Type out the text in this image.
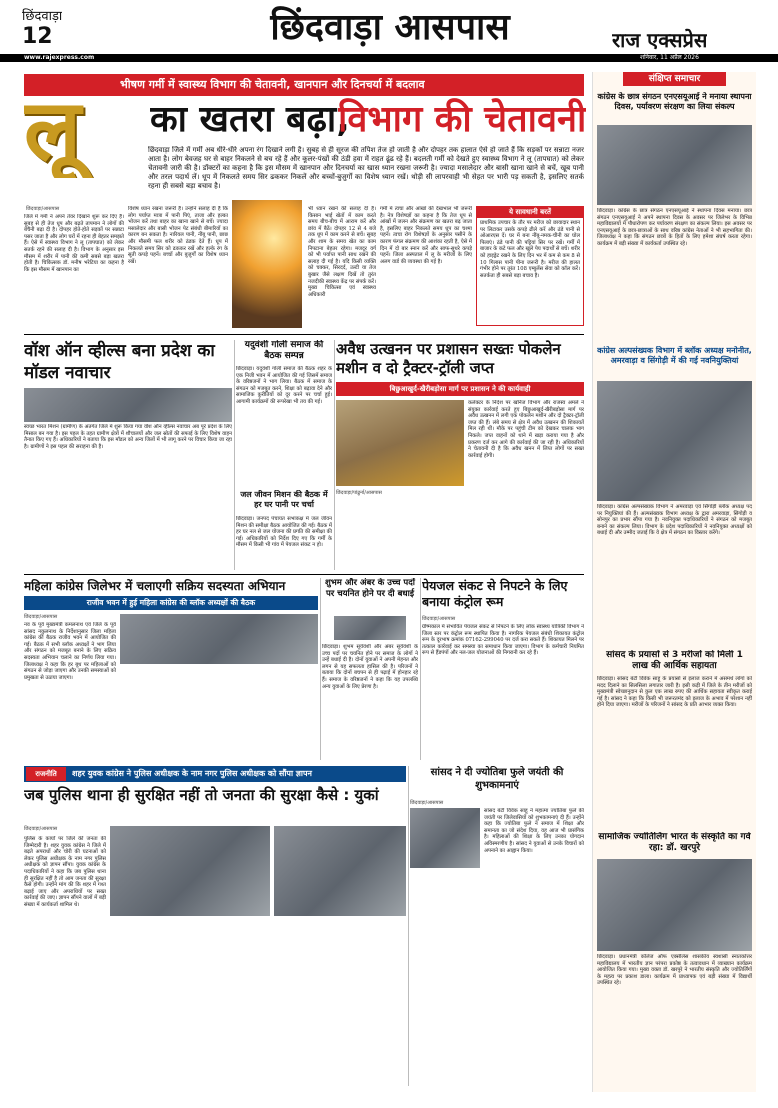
छिंदवाड़ा
12	छिंदवाड़ा आसपास	राज एक्सप्रेस
www.rajexpress.com	शनिवार, 11 अप्रैल 2026
भीषण गर्मी में स्वास्थ्य विभाग की चेतावनी, खानपान और दिनचर्या में बदलाव
लू	का खतरा बढ़ा,
विभाग की चेतावनी
छिंदवाड़ा जिले में गर्मी अब धीरे-धीरे अपना रंग दिखाने लगी है। सुबह से ही सूरज की तपिश तेज हो जाती है और दोपहर तक हालात ऐसे हो जाते हैं कि सड़कों पर सन्नाटा नजर आता है। लोग बेवजह घर से बाहर निकलने से बच रहे हैं और कूलर-पंखों की ठंडी हवा में राहत ढूंढ रहे हैं। बदलती गर्मी को देखते हुए स्वास्थ्य विभाग ने लू (तापघात) को लेकर चेतावनी जारी की है। डॉक्टरों का कहना है कि इस मौसम में खानपान और दिनचर्या का खास ध्यान रखना जरूरी है। ज्यादा मसालेदार और बासी खाना खाने से बचें, खूब पानी और तरल पदार्थ लें। धूप में निकलते समय सिर ढककर निकलें और बच्चों-बुजुर्गों का विशेष ध्यान रखें। थोड़ी सी लापरवाही भी सेहत पर भारी पड़ सकती है, इसलिए सतर्क रहना ही सबसे बड़ा बचाव है।
छिंदवाड़ा/आसपास
जिले में गर्मी ने अपने तेवर दिखाने शुरू कर दिए हैं। सुबह से ही तेज धूप और बढ़ते तापमान ने लोगों की बेचैनी बढ़ा दी है। दोपहर होते-होते सड़कों पर सन्नाटा पसर जाता है और लोग घरों में रहना ही बेहतर समझते हैं। ऐसे में स्वास्थ्य विभाग ने लू (तापघात) को लेकर सतर्क रहने की सलाह दी है। विभाग के अनुसार इस मौसम में शरीर में पानी की कमी सबसे बड़ा खतरा होती है। चिकित्सक डॉ. मनीष भरेटिया का कहना है कि इस मौसम में खानपान का
विशेष ध्यान रखना जरूरी है। उन्होंने सलाह दी है कि लोग पर्याप्त मात्रा में पानी पिएं, ताजा और हल्का भोजन करें तथा बाहर का खाना खाने से बचें। ज्यादा मसालेदार और बासी भोजन पेट संबंधी बीमारियों का कारण बन सकता है। नारियल पानी, नींबू पानी, छाछ और मौसमी फल शरीर को ठंडक देते हैं। धूप में निकलते समय सिर को ढककर रखें और हल्के रंग के सूती कपड़े पहनें। बच्चों और बुजुर्गों का विशेष ध्यान रखें।
भी ध्यान रखने की सलाह दी है। किसान भाई खेतों में काम करते समय बीच-बीच में आराम करें और छांव में बैठें। दोपहर 12 से 4 बजे तक धूप में काम करने से बचें। सुबह और शाम के समय खेत का काम निपटाना बेहतर रहेगा। मजदूर वर्ग को भी पर्याप्त पानी साथ रखने की सलाह दी गई है। यदि किसी व्यक्ति को चक्कर, सिरदर्द, उल्टी या तेज बुखार जैसे लक्षण दिखें तो तुरंत नजदीकी स्वास्थ्य केंद्र पर संपर्क करें। मुख्य चिकित्सा एवं स्वास्थ्य अधिकारी
गर्मी में त्वचा और आंखों की देखभाल भी जरूरी है। नेत्र विशेषज्ञों का कहना है कि तेज धूप से आंखों में जलन और संक्रमण का खतरा बढ़ जाता है, इसलिए बाहर निकलते समय धूप का चश्मा पहनें। त्वचा रोग विशेषज्ञों के अनुसार पसीने के कारण फंगल संक्रमण की आशंका रहती है, ऐसे में दिन में दो बार स्नान करें और साफ-सुथरे कपड़े पहनें। जिला अस्पताल में लू के मरीजों के लिए अलग वार्ड की व्यवस्था की गई है।
ये सावधानी बरतें
प्राथमिक उपचार के तौर पर मरीज को छायादार स्थान पर लिटाकर उसके कपड़े ढीले करें और ठंडे पानी से ओआरएस दें। घर में बना नींबू-नमक-चीनी का घोल पिलाएं। ठंडे पानी की पट्टियां सिर पर रखें। गर्मी में बाजार के कटे फल और खुले पेय पदार्थों से बचें। शरीर को हाइड्रेट रखने के लिए दिन भर में कम से कम 8 से 10 गिलास पानी पीना जरूरी है। मरीज की हालत गंभीर होने पर तुरंत 108 एम्बुलेंस सेवा को कॉल करें। सतर्कता ही सबसे बड़ा बचाव है।
संक्षिप्त समाचार
कांग्रेस के छात्र संगठन एनएसयूआई ने मनाया स्थापना दिवस, पर्यावरण संरक्षण का लिया संकल्प
छिंदवाड़ा। कांग्रेस के छात्र संगठन एनएसयूआई ने स्थापना दिवस मनाया। छात्र संगठन एनएसयूआई ने अपने स्थापना दिवस के अवसर पर जिलेभर के विभिन्न महाविद्यालयों में पौधारोपण कर पर्यावरण संरक्षण का संकल्प लिया। इस अवसर पर एनएसयूआई के छात्र-छात्राओं के साथ वरिष्ठ कांग्रेस नेताओं ने भी सहभागिता की। जिलाध्यक्ष ने कहा कि संगठन छात्रों के हितों के लिए हमेशा संघर्ष करता रहेगा। कार्यक्रम में बड़ी संख्या में कार्यकर्ता उपस्थित रहे।
कांग्रेस अल्पसंख्यक विभाग में ब्लॉक अध्यक्ष मनोनीत, अमरवाड़ा व सिंगोड़ी में की गई नवनियुक्तियां
छिंदवाड़ा। कांग्रेस अल्पसंख्यक विभाग ने अमरवाड़ा एवं सिंगोड़ी ब्लॉक अध्यक्ष पद पर नियुक्तियां की हैं। अल्पसंख्यक विभाग अध्यक्ष के द्वारा अमरवाड़ा, सिंगोड़ी व सोनपुर का प्रभार सौंपा गया है। नवनियुक्त पदाधिकारियों ने संगठन को मजबूत बनाने का संकल्प लिया। विभाग के प्रदेश पदाधिकारियों ने नवनियुक्त अध्यक्षों को बधाई दी और उम्मीद जताई कि वे क्षेत्र में संगठन का विस्तार करेंगे।
सांसद के प्रयासों से 3 मरीजों को मिली 1 लाख की आर्थिक सहायता
छिंदवाड़ा। सांसद बंटी विवेक साहू के प्रयासों से इलाज कराने में असमर्थ लोगों को मदद दिलाने का सिलसिला लगातार जारी है। इसी कड़ी में जिले के तीन मरीजों को मुख्यमंत्री स्वेच्छानुदान से कुल एक लाख रुपए की आर्थिक सहायता स्वीकृत कराई गई है। सांसद ने कहा कि किसी भी जरूरतमंद को इलाज के अभाव में परेशान नहीं होने दिया जाएगा। मरीजों के परिजनों ने सांसद के प्रति आभार व्यक्त किया।
सामाजिक ज्योतिलिंग भारत के संस्कृति का गर्व रहा: डॉ. खरपुरे
छिंदवाड़ा। प्रधानमंत्री कॉलेज ऑफ एक्सीलेंस शासकीय स्वशासी स्नातकोत्तर महाविद्यालय में भारतीय ज्ञान परंपरा प्रकोष्ठ के तत्वावधान में व्याख्यान कार्यक्रम आयोजित किया गया। मुख्य वक्ता डॉ. खरपुरे ने भारतीय संस्कृति और ज्योतिर्लिंगों के महत्व पर प्रकाश डाला। कार्यक्रम में प्राध्यापक एवं बड़ी संख्या में विद्यार्थी उपस्थित रहे।
वॉश ऑन व्हील्स बना प्रदेश का मॉडल नवाचार
स्वच्छ भारत मिशन (ग्रामीण) के अंतर्गत जिले में शुरू किया गया वॉश ऑन व्हील्स नवाचार अब पूरे प्रदेश के लिए मिसाल बन गया है। इस पहल के तहत ग्रामीण क्षेत्रों में शौचालयों और जल स्रोतों की सफाई के लिए विशेष वाहन तैनात किए गए हैं। अधिकारियों ने बताया कि इस मॉडल को अन्य जिलों में भी लागू करने पर विचार किया जा रहा है। ग्रामीणों ने इस पहल की सराहना की है।
यदुवंशी गोली समाज की बैठक सम्पन्न
छिंदवाड़ा। यदुवंशी गोली समाज की बैठक शहर के एक निजी भवन में आयोजित की गई जिसमें समाज के वरिष्ठजनों ने भाग लिया। बैठक में समाज के संगठन को मजबूत करने, शिक्षा को बढ़ावा देने और सामाजिक कुरीतियों को दूर करने पर चर्चा हुई। आगामी कार्यक्रमों की रूपरेखा भी तय की गई।
जल जीवन मिशन की बैठक में हर घर पानी पर चर्चा
छिंदवाड़ा। जनपद पंचायत सभाकक्ष में जल जीवन मिशन की समीक्षा बैठक आयोजित की गई। बैठक में हर घर नल से जल योजना की प्रगति की समीक्षा की गई। अधिकारियों को निर्देश दिए गए कि गर्मी के मौसम में किसी भी गांव में पेयजल संकट न हो।
अवैध उत्खनन पर प्रशासन सख्तः पोकलेन मशीन व दो ट्रैक्टर-ट्रॉली जप्त
बिछुआखुर्द-खैरीबड़ोसा मार्ग पर प्रशासन ने की कार्यवाही
छिंदवाड़ा/पांढुर्ना/आसपास
कलेक्टर के निर्देश पर खनिज विभाग और राजस्व अमले ने संयुक्त कार्रवाई करते हुए बिछुआखुर्द-खैरीबड़ोसा मार्ग पर अवैध उत्खनन में लगी एक पोकलेन मशीन और दो ट्रैक्टर-ट्रॉली जप्त की हैं। लंबे समय से क्षेत्र में अवैध उत्खनन की शिकायतें मिल रही थीं। मौके पर पहुंची टीम को देखकर चालक भाग निकले। जप्त वाहनों को थाने में खड़ा कराया गया है और प्रकरण दर्ज कर आगे की कार्रवाई की जा रही है। अधिकारियों ने चेतावनी दी है कि अवैध खनन में लिप्त लोगों पर सख्त कार्रवाई होगी।
महिला कांग्रेस जिलेभर में चलाएगी सक्रिय सदस्यता अभियान
राजीव भवन में हुई महिला कांग्रेस की ब्लॉक अध्यक्षों की बैठक
छिंदवाड़ा/आसपास
नव के पूर्व मुख्यमंत्री कमलनाथ एवं जिले के पूर्व सांसद नकुलनाथ के निर्देशानुसार जिला महिला कांग्रेस की बैठक राजीव भवन में आयोजित की गई। बैठक में सभी ब्लॉक अध्यक्षों ने भाग लिया और संगठन को मजबूत बनाने के लिए सक्रिय सदस्यता अभियान चलाने का निर्णय लिया गया। जिलाध्यक्ष ने कहा कि हर बूथ पर महिलाओं को संगठन से जोड़ा जाएगा और उनकी समस्याओं को प्रमुखता से उठाया जाएगा।
शुभम और अंबर के उच्च पदों पर चयनित होने पर दी बधाई
छिंदवाड़ा। शुभम सूर्यवंशी और अंबर सूर्यवंशी के उच्च पदों पर चयनित होने पर समाज के लोगों ने उन्हें बधाई दी है। दोनों युवाओं ने अपनी मेहनत और लगन से यह सफलता हासिल की है। परिजनों ने बताया कि दोनों बचपन से ही पढ़ाई में होनहार रहे हैं। समाज के वरिष्ठजनों ने कहा कि यह उपलब्धि अन्य युवाओं के लिए प्रेरणा है।
पेयजल संकट से निपटने के लिए बनाया कंट्रोल रूम
छिंदवाड़ा/आसपास
ग्रीष्मकाल में संभावित पेयजल संकट से निपटने के लिए लोक स्वास्थ्य यांत्रिकी विभाग ने जिला स्तर पर कंट्रोल रूम स्थापित किया है। नागरिक पेयजल संबंधी शिकायत कंट्रोल रूम के दूरभाष क्रमांक 07162-299040 पर दर्ज करा सकते हैं। शिकायत मिलने पर तत्काल कार्रवाई कर समस्या का समाधान किया जाएगा। विभाग के कर्मचारी नियमित रूप से हैंडपंपों और नल-जल योजनाओं की निगरानी कर रहे हैं।
राजनीति	शहर युवक कांग्रेस ने पुलिस अधीक्षक के नाम नगर पुलिस अधीक्षक को सौंपा ज्ञापन
जब पुलिस थाना ही सुरक्षित नहीं तो जनता की सुरक्षा कैसे : युकां
छिंदवाड़ा/आसपास
पुलिस के कार्यों पर जिले की जनता की जिम्मेदारी है। शहर युवक कांग्रेस ने जिले में बढ़ते अपराधों और चोरी की घटनाओं को लेकर पुलिस अधीक्षक के नाम नगर पुलिस अधीक्षक को ज्ञापन सौंपा। युवक कांग्रेस के पदाधिकारियों ने कहा कि जब पुलिस थाना ही सुरक्षित नहीं है तो आम जनता की सुरक्षा कैसे होगी। उन्होंने मांग की कि शहर में गश्त बढ़ाई जाए और अपराधियों पर सख्त कार्रवाई की जाए। ज्ञापन सौंपने वालों में बड़ी संख्या में कार्यकर्ता शामिल थे।
सांसद ने दी ज्योतिबा फुले जयंती की शुभकामनाएं
छिंदवाड़ा/आसपास
सांसद बंटी विवेक साहू ने महात्मा ज्योतिबा फुले की जयंती पर जिलेवासियों को शुभकामनाएं दी हैं। उन्होंने कहा कि ज्योतिबा फुले ने समाज में शिक्षा और समानता का जो संदेश दिया, वह आज भी प्रासंगिक है। महिलाओं की शिक्षा के लिए उनका योगदान अविस्मरणीय है। सांसद ने युवाओं से उनके विचारों को अपनाने का आह्वान किया।
